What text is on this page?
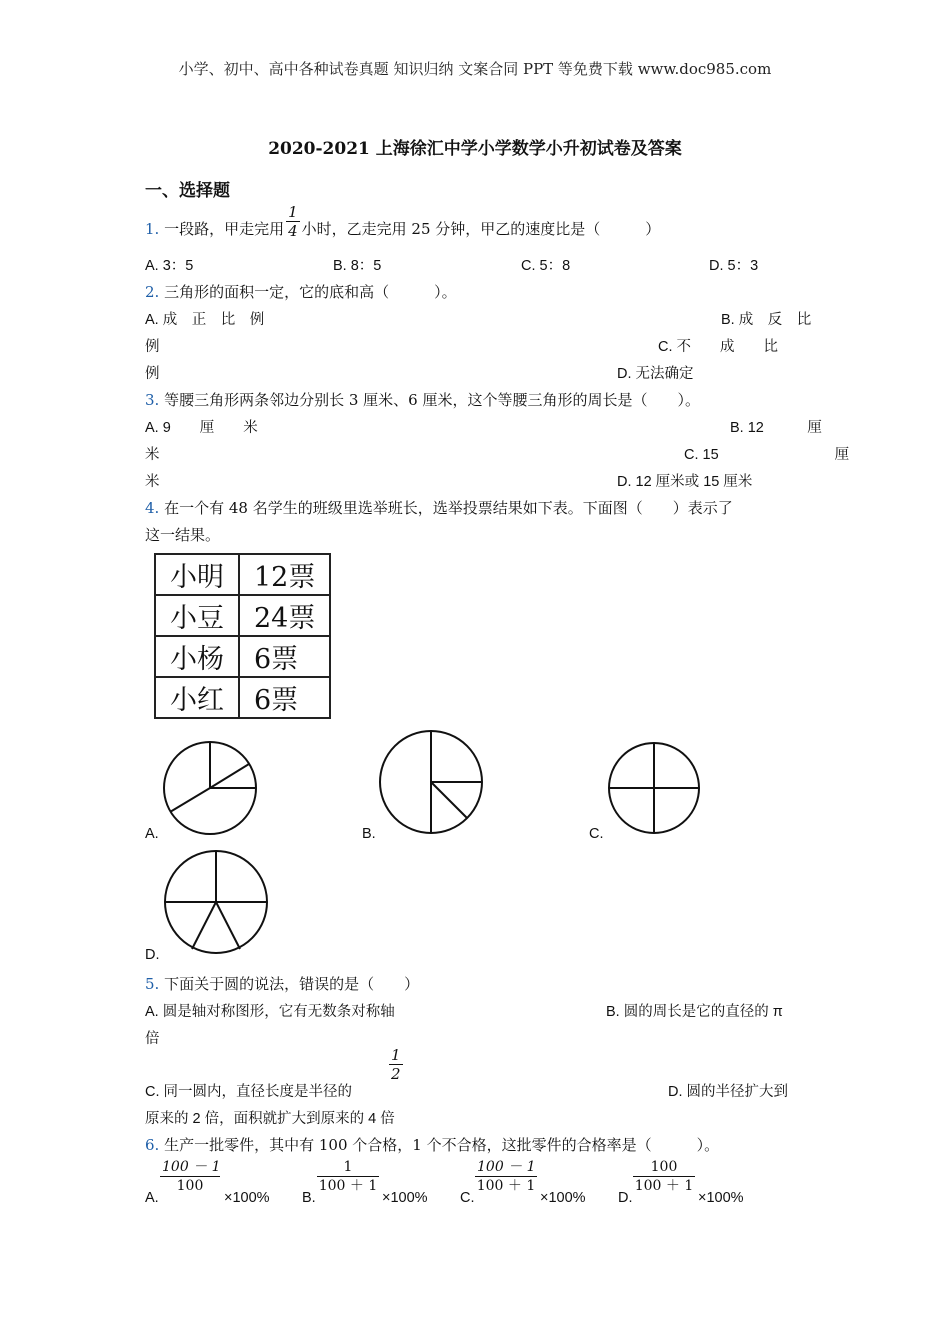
小学、初中、高中各种试卷真题 知识归纳 文案合同 PPT 等免费下载 www.doc985.com
2020-2021 上海徐汇中学小学数学小升初试卷及答案
一、选择题
1. 一段路，甲走完用 $\frac{1}{4}$ 小时，乙走完用 25 分钟，甲乙的速度比是（　　　）
A. 3：5	B. 8：5	C. 5：8	D. 5：3
2. 三角形的面积一定，它的底和高（　　　）。
A. 成　正　比　例	B. 成　反　比
例	C. 不　　成　　比
例	D. 无法确定
3. 等腰三角形两条邻边分别长 3 厘米、6 厘米，这个等腰三角形的周长是（　　）。
A. 9　　厘　　米	B. 12　　　厘
米	C. 15　　　　　　　　厘
米	D. 12 厘米或 15 厘米
4. 在一个有 48 名学生的班级里选举班长，选举投票结果如下表。下面图（　　）表示了
这一结果。
小明	12票
小豆	24票
小杨	6票
小红	6票
A.	B.	C.
D.
5. 下面关于圆的说法，错误的是（　　）
A. 圆是轴对称图形，它有无数条对称轴	B. 圆的周长是它的直径的 π
倍
C. 同一圆内，直径长度是半径的
$\frac{1}{2}$
D. 圆的半径扩大到
原来的 2 倍，面积就扩大到原来的 4 倍
6. 生产一批零件，其中有 100 个合格，1 个不合格，这批零件的合格率是（　　　）。
A.
$\frac{100 - 1}{100}$
×100% B.
$\frac{1}{100 + 1}$
×100% C.
$\frac{100 - 1}{100 + 1}$
×100% D.
$\frac{100}{100 + 1}$
×100%
